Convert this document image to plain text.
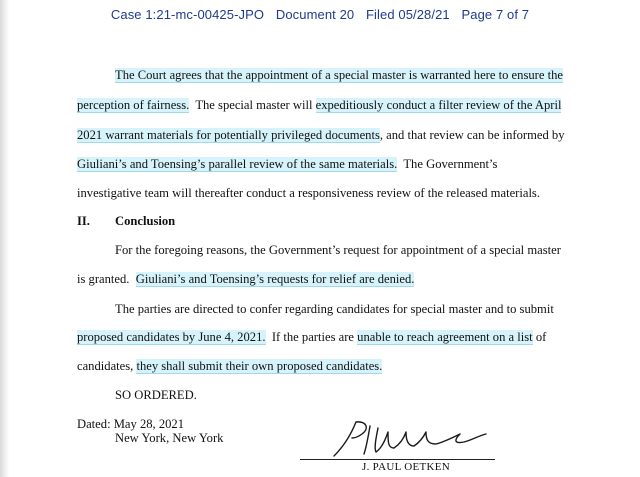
Case 1:21-mc-00425-JPO Document 20 Filed 05/28/21 Page 7 of 7
The Court agrees that the appointment of a special master is warranted here to ensure the
perception of fairness.  The special master will expeditiously conduct a filter review of the April
2021 warrant materials for potentially privileged documents, and that review can be informed by
Giuliani’s and Toensing’s parallel review of the same materials.  The Government’s
investigative team will thereafter conduct a responsiveness review of the released materials.
II. Conclusion
For the foregoing reasons, the Government’s request for appointment of a special master
is granted.  Giuliani’s and Toensing’s requests for relief are denied.
The parties are directed to confer regarding candidates for special master and to submit
proposed candidates by June 4, 2021.  If the parties are unable to reach agreement on a list of
candidates, they shall submit their own proposed candidates.
SO ORDERED.
Dated: May 28, 2021
New York, New York
J. PAUL OETKEN
